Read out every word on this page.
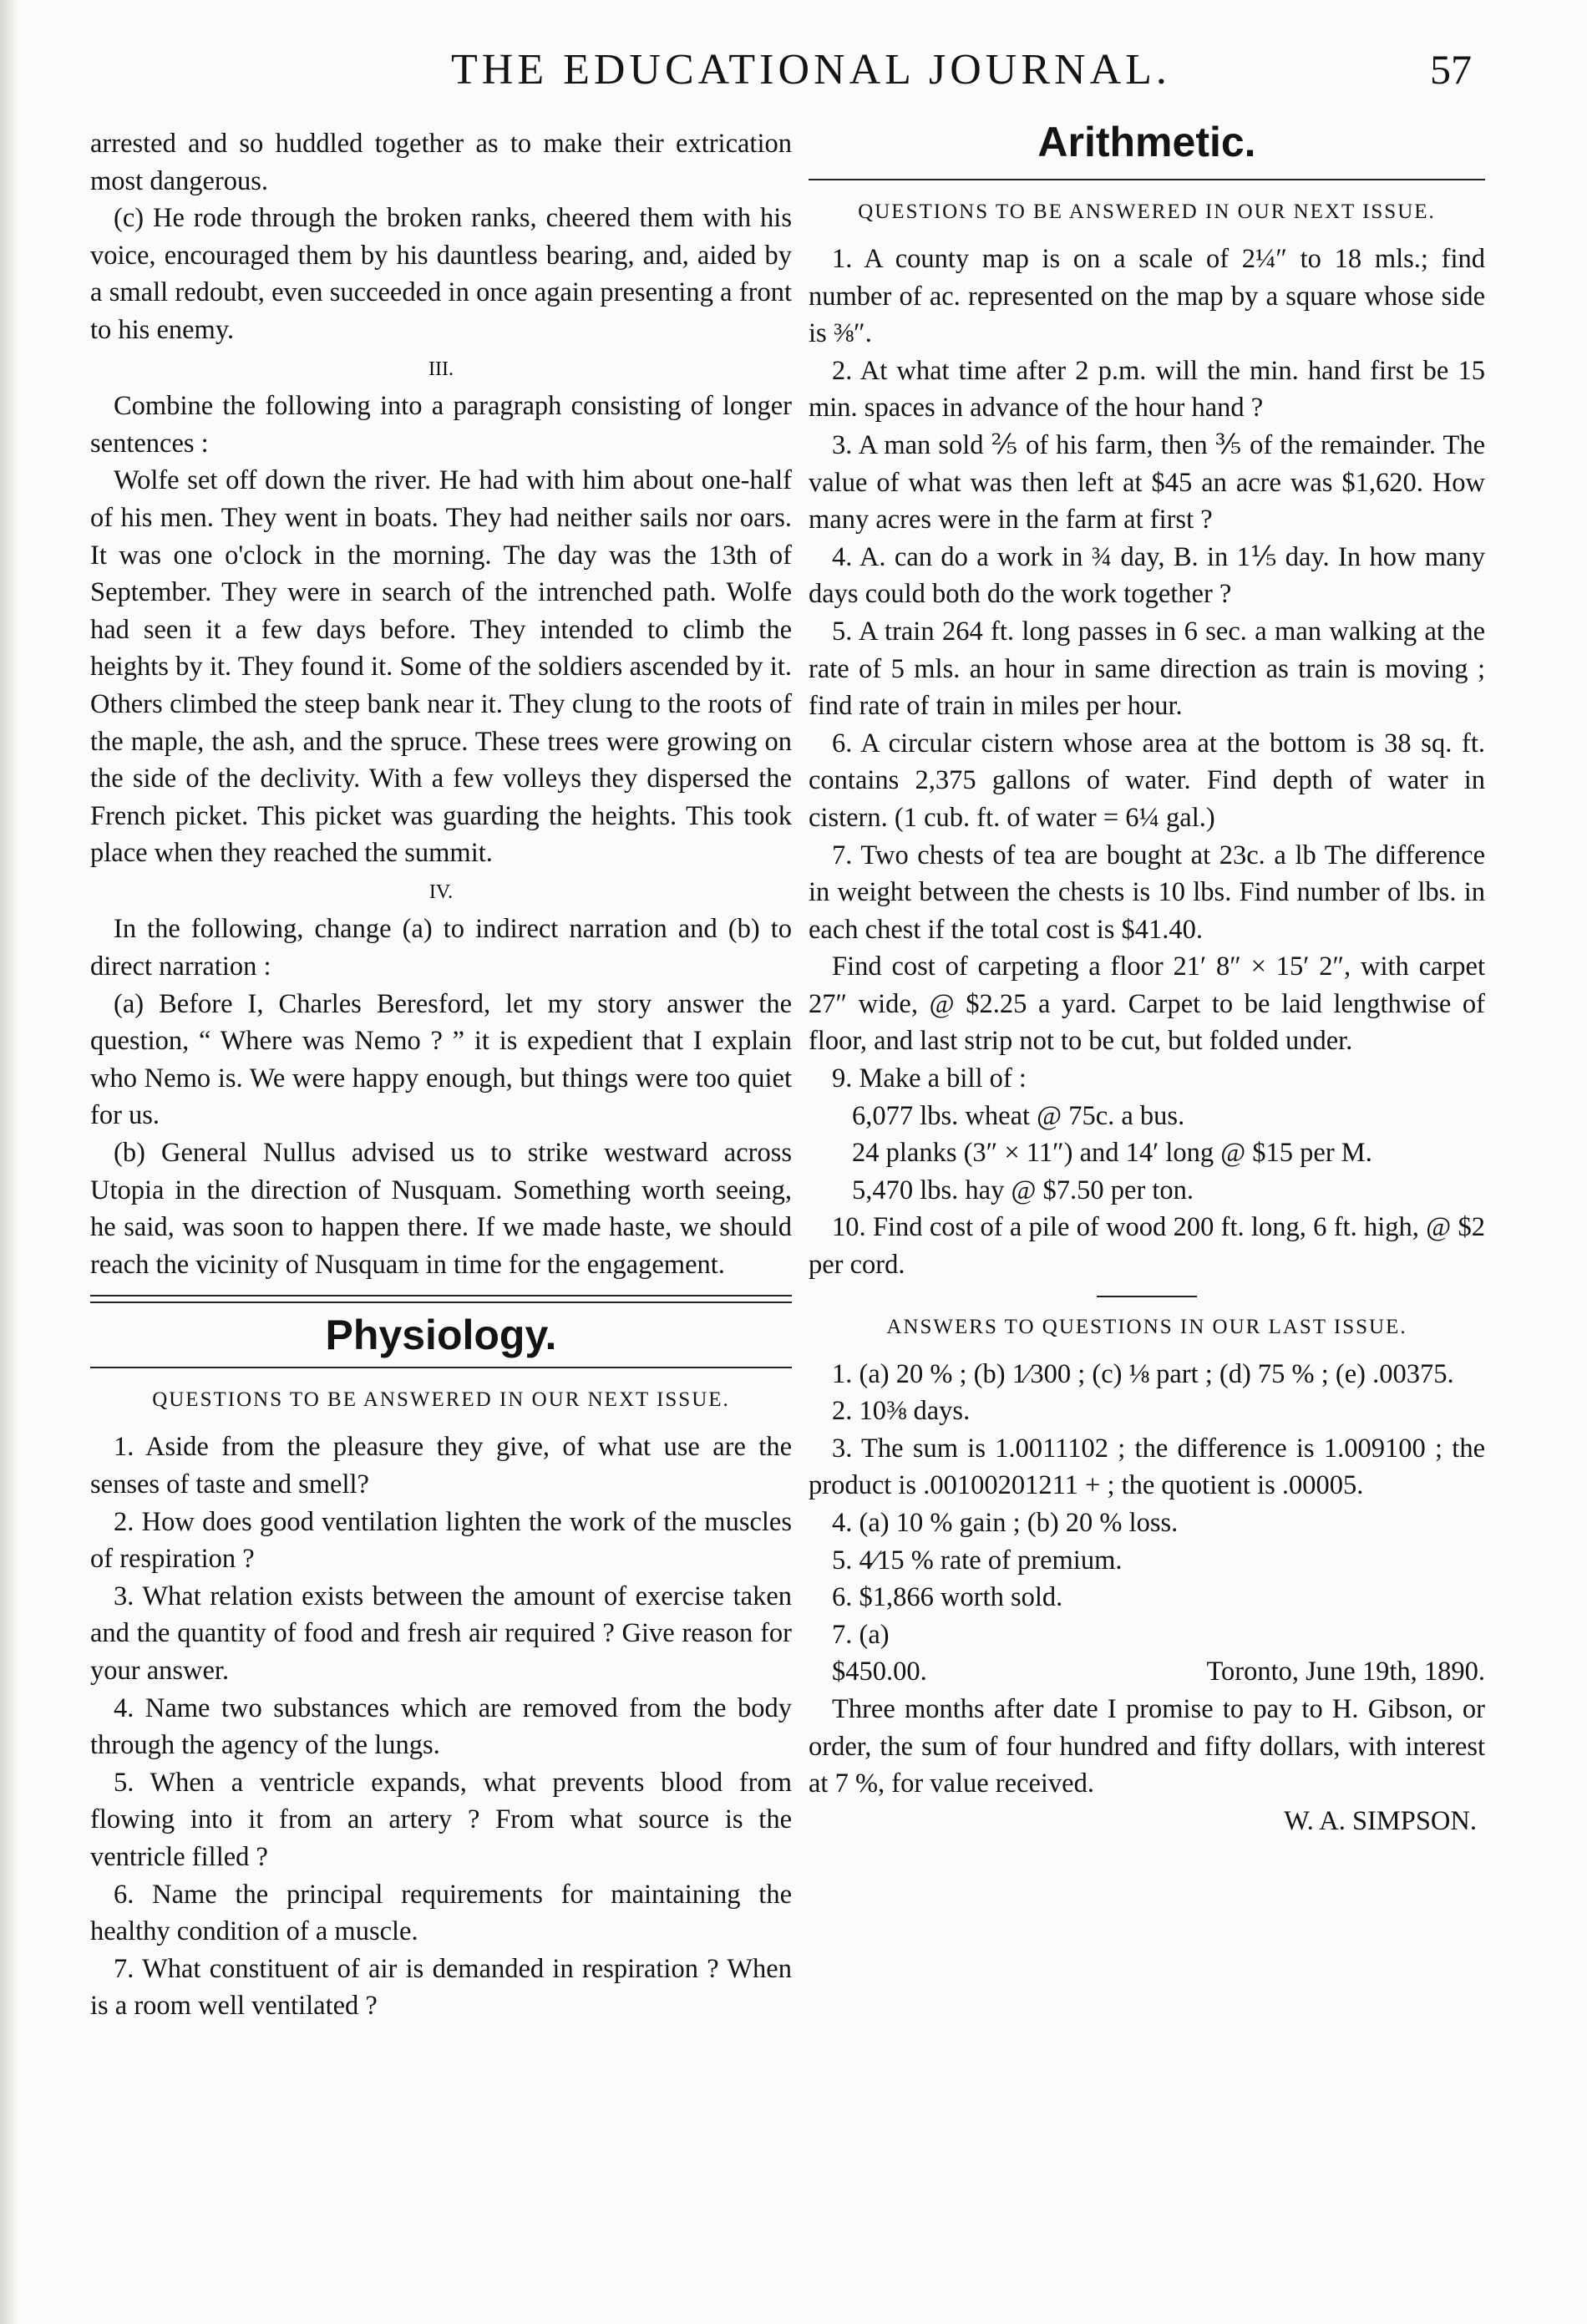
THE EDUCATIONAL JOURNAL.	57

arrested and so huddled together as to make their extrication most dangerous.

(c) He rode through the broken ranks, cheered them with his voice, encouraged them by his dauntless bearing, and, aided by a small redoubt, even succeeded in once again presenting a front to his enemy.

III.

Combine the following into a paragraph consisting of longer sentences :

Wolfe set off down the river. He had with him about one-half of his men. They went in boats. They had neither sails nor oars. It was one o'clock in the morning. The day was the 13th of September. They were in search of the intrenched path. Wolfe had seen it a few days before. They intended to climb the heights by it. They found it. Some of the soldiers ascended by it. Others climbed the steep bank near it. They clung to the roots of the maple, the ash, and the spruce. These trees were growing on the side of the declivity. With a few volleys they dispersed the French picket. This picket was guarding the heights. This took place when they reached the summit.

IV.

In the following, change (a) to indirect narration and (b) to direct narration :

(a) Before I, Charles Beresford, let my story answer the question, “ Where was Nemo ? ” it is expedient that I explain who Nemo is. We were happy enough, but things were too quiet for us.

(b) General Nullus advised us to strike westward across Utopia in the direction of Nusquam. Something worth seeing, he said, was soon to happen there. If we made haste, we should reach the vicinity of Nusquam in time for the engagement.

Physiology.
QUESTIONS TO BE ANSWERED IN OUR NEXT ISSUE.

1. Aside from the pleasure they give, of what use are the senses of taste and smell?

2. How does good ventilation lighten the work of the muscles of respiration ?

3. What relation exists between the amount of exercise taken and the quantity of food and fresh air required ? Give reason for your answer.

4. Name two substances which are removed from the body through the agency of the lungs.

5. When a ventricle expands, what prevents blood from flowing into it from an artery ? From what source is the ventricle filled ?

6. Name the principal requirements for maintaining the healthy condition of a muscle.

7. What constituent of air is demanded in respiration ? When is a room well ventilated ?

Arithmetic.
QUESTIONS TO BE ANSWERED IN OUR NEXT ISSUE.

1. A county map is on a scale of 2¼″ to 18 mls.; find number of ac. represented on the map by a square whose side is ⅜″.

2. At what time after 2 p.m. will the min. hand first be 15 min. spaces in advance of the hour hand ?

3. A man sold ⅖ of his farm, then ⅗ of the remainder. The value of what was then left at $45 an acre was $1,620. How many acres were in the farm at first ?

4. A. can do a work in ¾ day, B. in 1⅕ day. In how many days could both do the work together ?

5. A train 264 ft. long passes in 6 sec. a man walking at the rate of 5 mls. an hour in same direction as train is moving ; find rate of train in miles per hour.

6. A circular cistern whose area at the bottom is 38 sq. ft. contains 2,375 gallons of water. Find depth of water in cistern. (1 cub. ft. of water = 6¼ gal.)

7. Two chests of tea are bought at 23c. a lb The difference in weight between the chests is 10 lbs. Find number of lbs. in each chest if the total cost is $41.40.

Find cost of carpeting a floor 21′ 8″ × 15′ 2″, with carpet 27″ wide, @ $2.25 a yard. Carpet to be laid lengthwise of floor, and last strip not to be cut, but folded under.

9. Make a bill of :

6,077 lbs. wheat @ 75c. a bus.

24 planks (3″ × 11″) and 14′ long @ $15 per M.

5,470 lbs. hay @ $7.50 per ton.

10. Find cost of a pile of wood 200 ft. long, 6 ft. high, @ $2 per cord.

ANSWERS TO QUESTIONS IN OUR LAST ISSUE.

1. (a) 20 % ; (b) 1⁄300 ; (c) ⅛ part ; (d) 75 % ; (e) .00375.

2. 10⅜ days.

3. The sum is 1.0011102 ; the difference is 1.009100 ; the product is .00100201211 + ; the quotient is .00005.

4. (a) 10 % gain ; (b) 20 % loss.

5. 4⁄15 % rate of premium.

6. $1,866 worth sold.

7. (a)

$450.00.	Toronto, June 19th, 1890.

Three months after date I promise to pay to H. Gibson, or order, the sum of four hundred and fifty dollars, with interest at 7 %, for value received.

W. A. SIMPSON.
